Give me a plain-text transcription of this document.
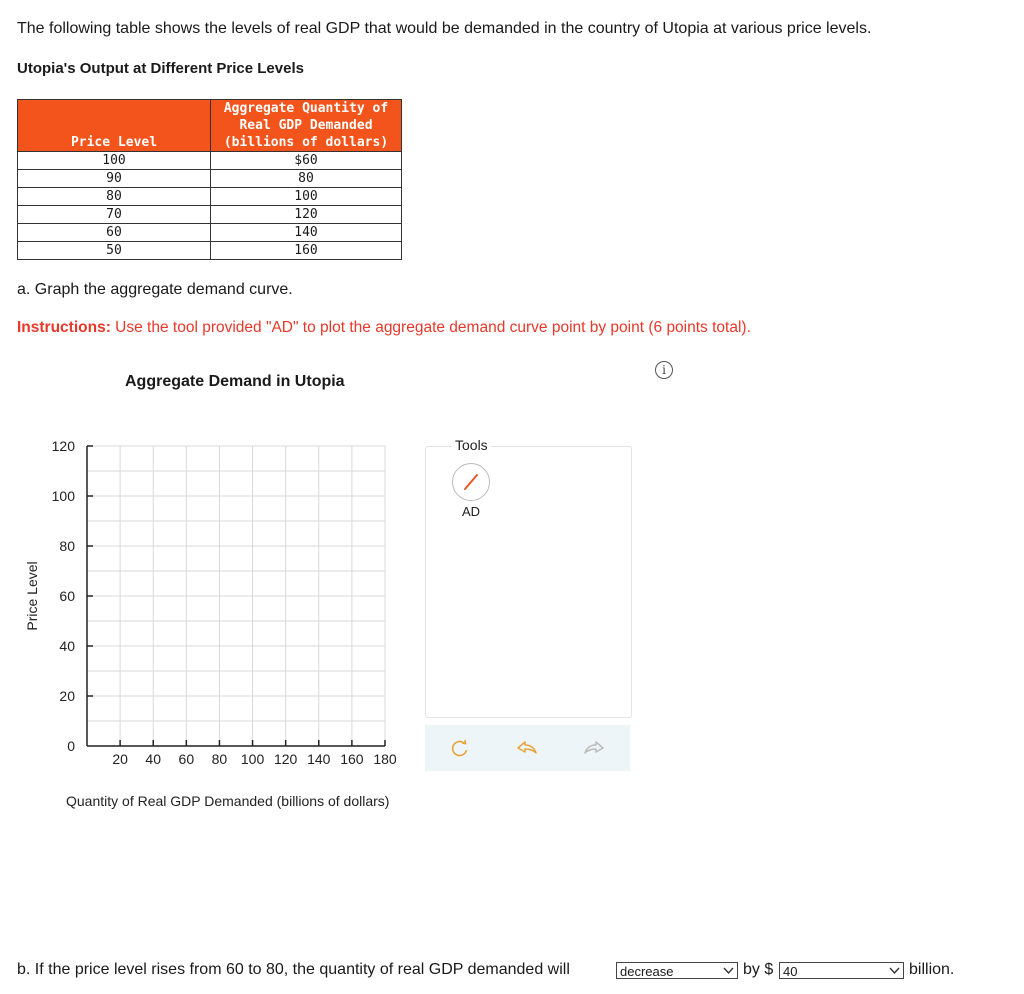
The following table shows the levels of real GDP that would be demanded in the country of Utopia at various price levels.
Utopia's Output at Different Price Levels
Price Level	Aggregate Quantity of
Real GDP Demanded
(billions of dollars)

100	$60
90	80
80	100
70	120
60	140
50	160
a. Graph the aggregate demand curve.
Instructions: Use the tool provided "AD" to plot the aggregate demand curve point by point (6 points total).
i
Aggregate Demand in Utopia
0
20
40
60
80
100
120
20 40 60 80 100 120 140 160 180
Price Level
Quantity of Real GDP Demanded (billions of dollars)
Tools
AD
b. If the price level rises from 60 to 80, the quantity of real GDP demanded will	decrease	by $ 40	billion.
